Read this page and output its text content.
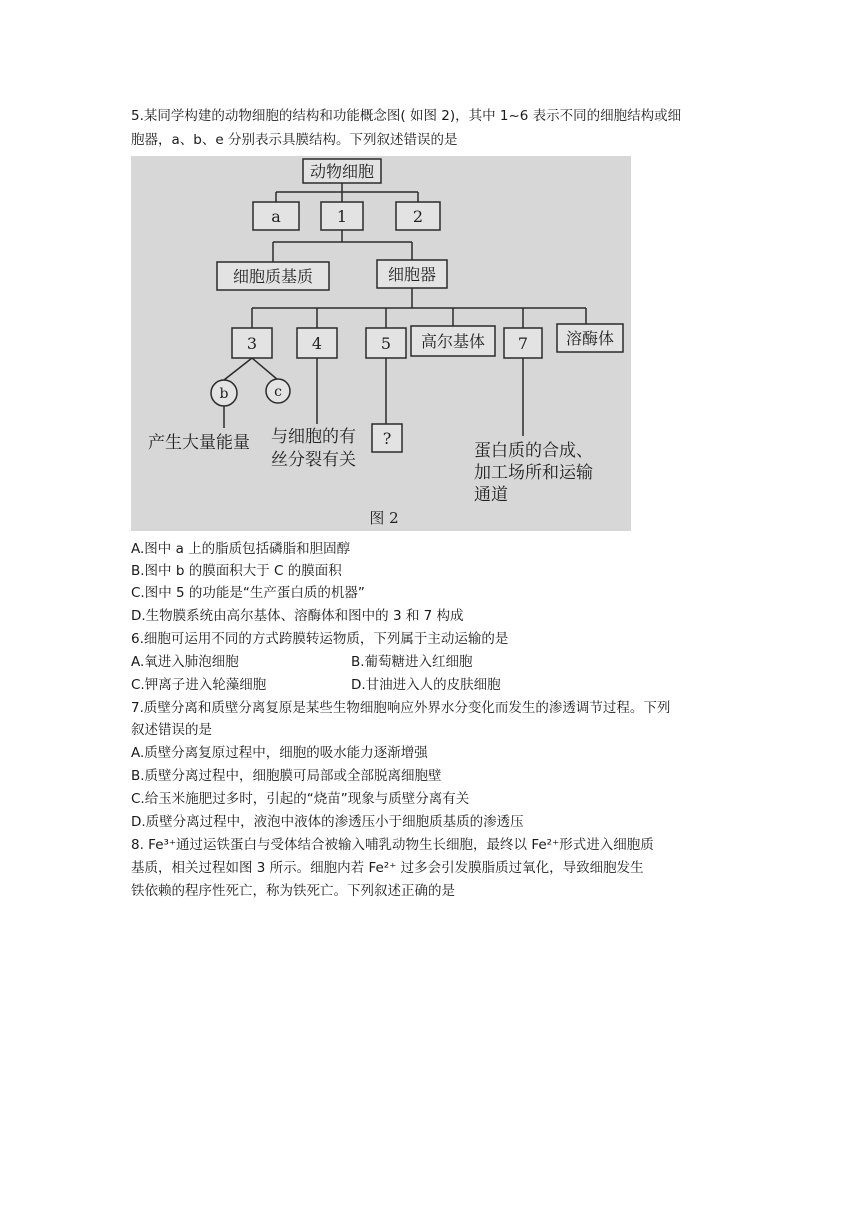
5.某同学构建的动物细胞的结构和功能概念图( 如图 2)，其中 1~6 表示不同的细胞结构或细
胞器，a、b、e 分别表示具膜结构。下列叙述错误的是
动物细胞
a	1	2
细胞质基质	细胞器
3	4	5 高尔基体 7 溶酶体
b	c
?
产生大量能量 与细胞的有
丝分裂有关	蛋白质的合成、
加工场所和运输
通道
图 2
A.图中 a 上的脂质包括磷脂和胆固醇
B.图中 b 的膜面积大于 C 的膜面积
C.图中 5 的功能是“生产蛋白质的机器”
D.生物膜系统由高尔基体、溶酶体和图中的 3 和 7 构成
6.细胞可运用不同的方式跨膜转运物质，下列属于主动运输的是
A.氧进入肺泡细胞	B.葡萄糖进入红细胞
C.钾离子进入轮藻细胞	D.甘油进入人的皮肤细胞
7.质壁分离和质壁分离复原是某些生物细胞响应外界水分变化而发生的渗透调节过程。下列
叙述错误的是
A.质壁分离复原过程中，细胞的吸水能力逐渐增强
B.质壁分离过程中，细胞膜可局部或全部脱离细胞壁
C.给玉米施肥过多时，引起的“烧苗”现象与质壁分离有关
D.质壁分离过程中，液泡中液体的渗透压小于细胞质基质的渗透压
8. Fe³⁺通过运铁蛋白与受体结合被输入哺乳动物生长细胞，最终以 Fe²⁺形式进入细胞质
基质，相关过程如图 3 所示。细胞内若 Fe²⁺ 过多会引发膜脂质过氧化，导致细胞发生
铁依赖的程序性死亡，称为铁死亡。下列叙述正确的是
